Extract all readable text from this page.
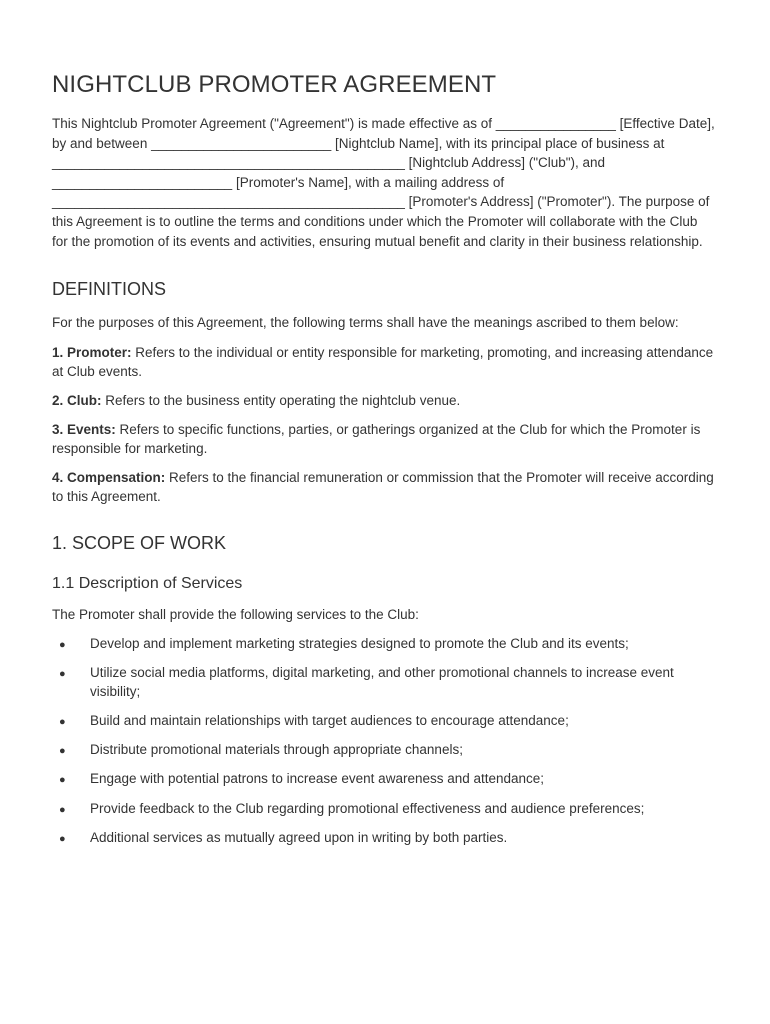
NIGHTCLUB PROMOTER AGREEMENT

This Nightclub Promoter Agreement ("Agreement") is made effective as of ________________ [Effective Date], by and between ________________________ [Nightclub Name], with its principal place of business at _______________________________________________ [Nightclub Address] ("Club"), and ________________________ [Promoter's Name], with a mailing address of _______________________________________________ [Promoter's Address] ("Promoter"). The purpose of this Agreement is to outline the terms and conditions under which the Promoter will collaborate with the Club for the promotion of its events and activities, ensuring mutual benefit and clarity in their business relationship.

DEFINITIONS

For the purposes of this Agreement, the following terms shall have the meanings ascribed to them below:

1. Promoter: Refers to the individual or entity responsible for marketing, promoting, and increasing attendance at Club events.

2. Club: Refers to the business entity operating the nightclub venue.

3. Events: Refers to specific functions, parties, or gatherings organized at the Club for which the Promoter is responsible for marketing.

4. Compensation: Refers to the financial remuneration or commission that the Promoter will receive according to this Agreement.

1. SCOPE OF WORK
1.1 Description of Services

The Promoter shall provide the following services to the Club:

● Develop and implement marketing strategies designed to promote the Club and its events;
● Utilize social media platforms, digital marketing, and other promotional channels to increase event visibility;
● Build and maintain relationships with target audiences to encourage attendance;
● Distribute promotional materials through appropriate channels;
● Engage with potential patrons to increase event awareness and attendance;
● Provide feedback to the Club regarding promotional effectiveness and audience preferences;
● Additional services as mutually agreed upon in writing by both parties.
